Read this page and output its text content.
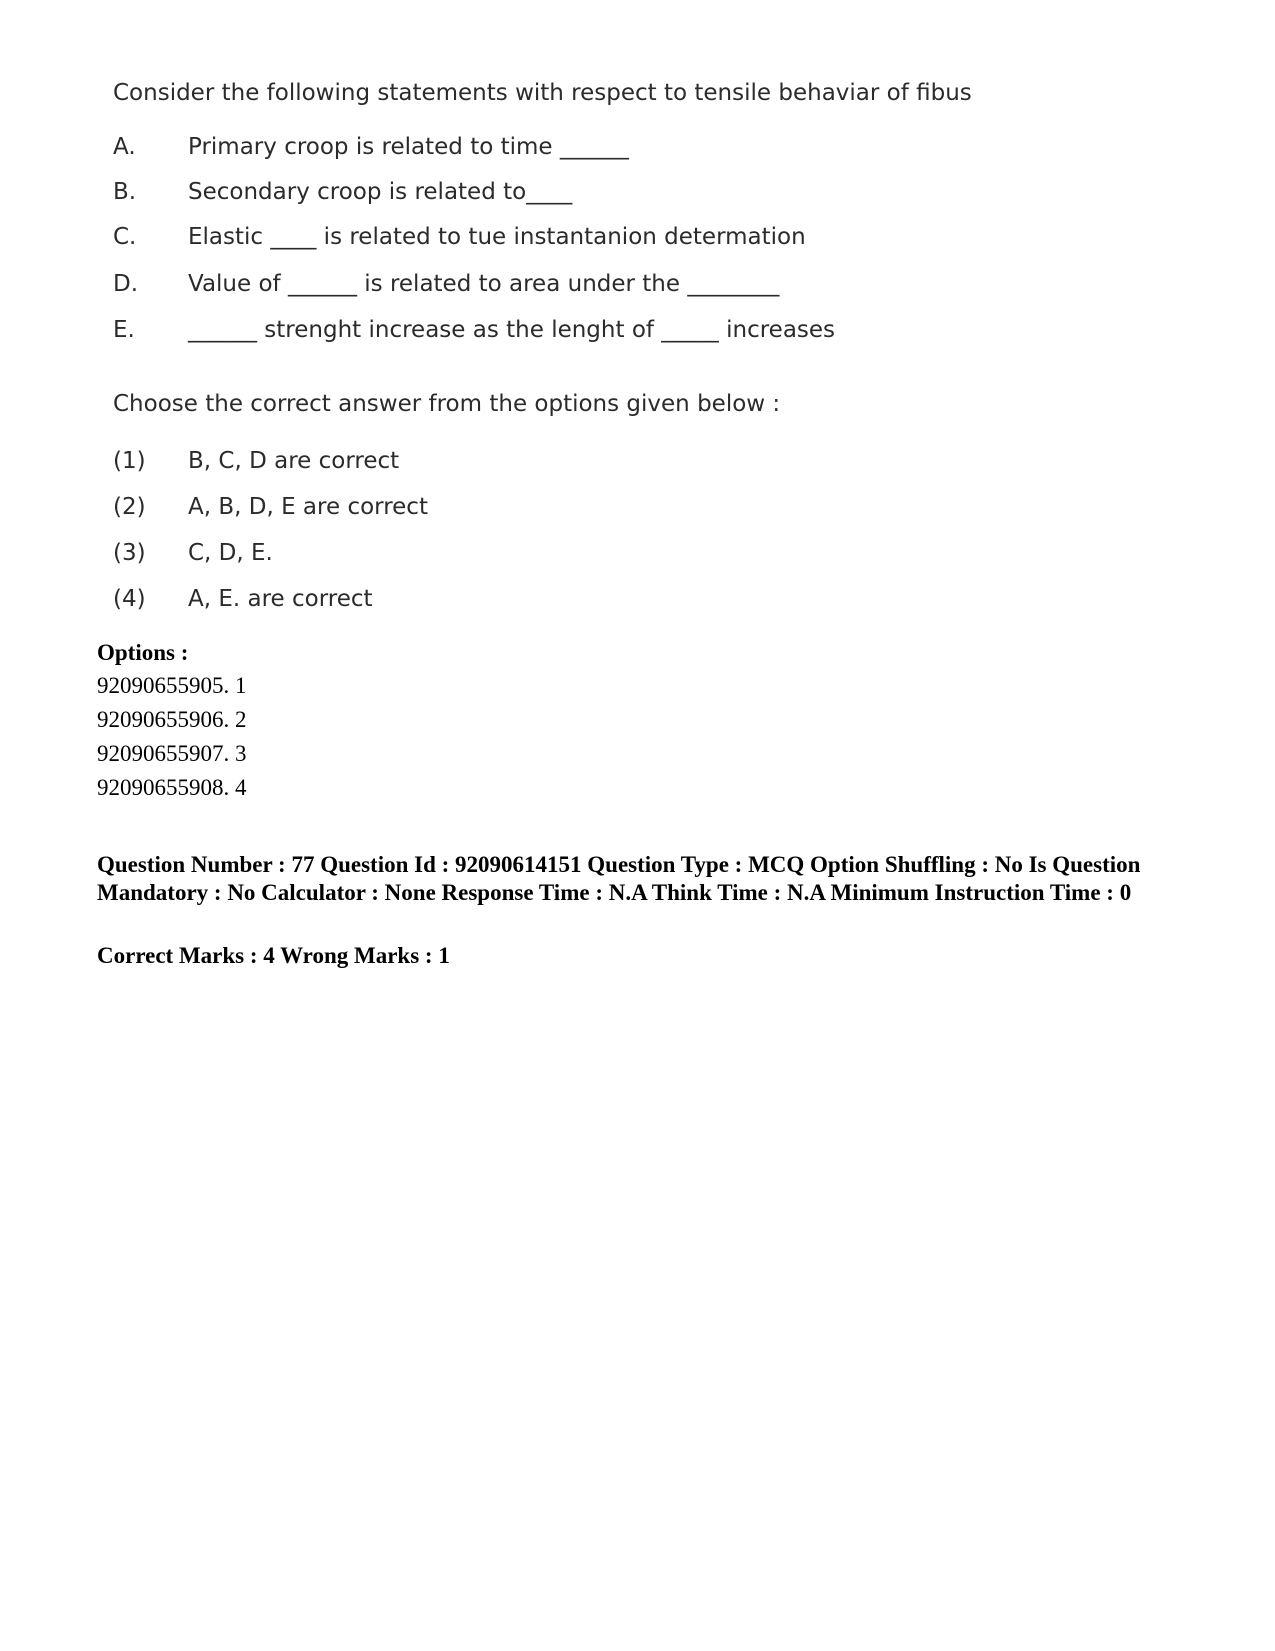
Consider the following statements with respect to tensile behaviar of fibus
A. Primary croop is related to time ______
B. Secondary croop is related to____
C. Elastic ____ is related to tue instantanion determation
D. Value of ______ is related to area under the ________
E. ______ strenght increase as the lenght of _____ increases
Choose the correct answer from the options given below :
(1) B, C, D are correct
(2) A, B, D, E are correct
(3) C, D, E.
(4) A, E. are correct
Options :
92090655905. 1
92090655906. 2
92090655907. 3
92090655908. 4
Question Number : 77 Question Id : 92090614151 Question Type : MCQ Option Shuffling : No Is Question Mandatory : No Calculator : None Response Time : N.A Think Time : N.A Minimum Instruction Time : 0
Correct Marks : 4 Wrong Marks : 1
